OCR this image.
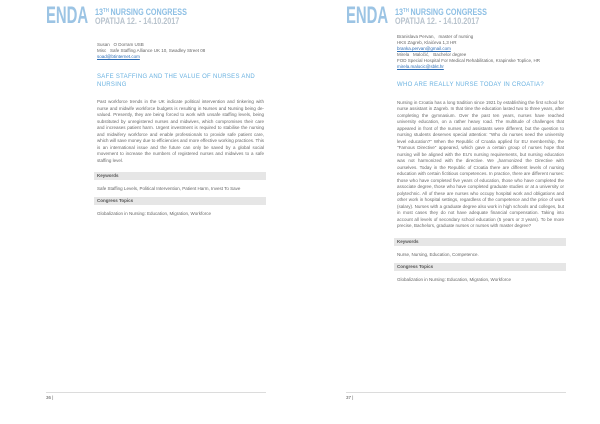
ENDA 13TH NURSING CONGRESS
OPATIJA 12. - 14.10.2017
Susan   O Dorram USB
Misc   Safe Staffing Alliance UK 10, Swadley Street 08
soad@btinternet.com
SAFE STAFFING AND THE VALUE OF NURSES AND NURSING
Past workforce trends in the UK indicate political intervention and tinkering with nurse and midwife workforce budgets is resulting in Nurses and Nursing being de-valued. Presently, they are being forced to work with unsafe staffing levels, being substituted by unregistered nurses and midwives, which compromises their care and increases patient harm. Urgent investment is required to stabilise the nursing and midwifery workforce and enable professionals to provide safe patient care, which will save money due to efficiencies and more effective working practices. This is an international issue and the future can only be saved by a global social movement to increase the numbers of registered nurses and midwives to a safe staffing level.
Keywords
Safe Staffing Levels, Political Intervention, Patient Harm, Invest To Save
Congress Topics
Globalization in Nursing: Education, Migration, Workforce
36 |
ENDA 13TH NURSING CONGRESS
OPATIJA 12. - 14.10.2017
Branislava Pervan,   master of nursing
HKS Zagreb, Klaićeva 1,3 HR
branka.pervan@gmail.com
Mirela   Maločić,   Bachelor degree
FOD Special Hospital For Medical Rehabilitation, Krapinske Toplice, HR
mirela.malocic@sbkt.hr
WHO ARE REALLY NURSE TODAY IN CROATIA?
Nursing in Croatia has a long tradition since 1921 by establishing the first school for nurse assistant in Zagreb. In that time the education lasted two to three years, after completing the gymnasium. Over the past ten years, nurses have reached university education, on a rather heavy road. The multitude of challenges that appeared in front of the nurses and assistants were different, but the question to nursing students deserves special attention: "Who do nurses need the university level education?" When the Republic of Croatia applied for EU membership, the "Famous Directive" appeared, which gave a certain group of nurses hope that nursing will be aligned with the EU's nursing requirements, but nursing education was not harmonized with the directive. We „harmonized the Directive with ourselves. Today in the Republic of Croatia there are different levels of nursing education with certain fictitious competences. In practice, there are different nurses: those who have completed five years of education, those who have completed the associate degree, those who have completed graduate studies or at a university or polytechnic. All of these are nurses who occupy hospital work and obligations and other work in hospital settings, regardless of the competence and the price of work (salary). Nurses with a graduate degree also work in high schools and colleges, but in most cases they do not have adequate financial compensation. Taking into account all levels of secondary school education (5 years or 3 years). To be more precise, Bachelors, graduate nurses or nurses with master degree?
Keywords
Nurse, Nursing, Education, Competence.
Congress Topics
Globalization in Nursing: Education, Migration, Workforce
37 |
